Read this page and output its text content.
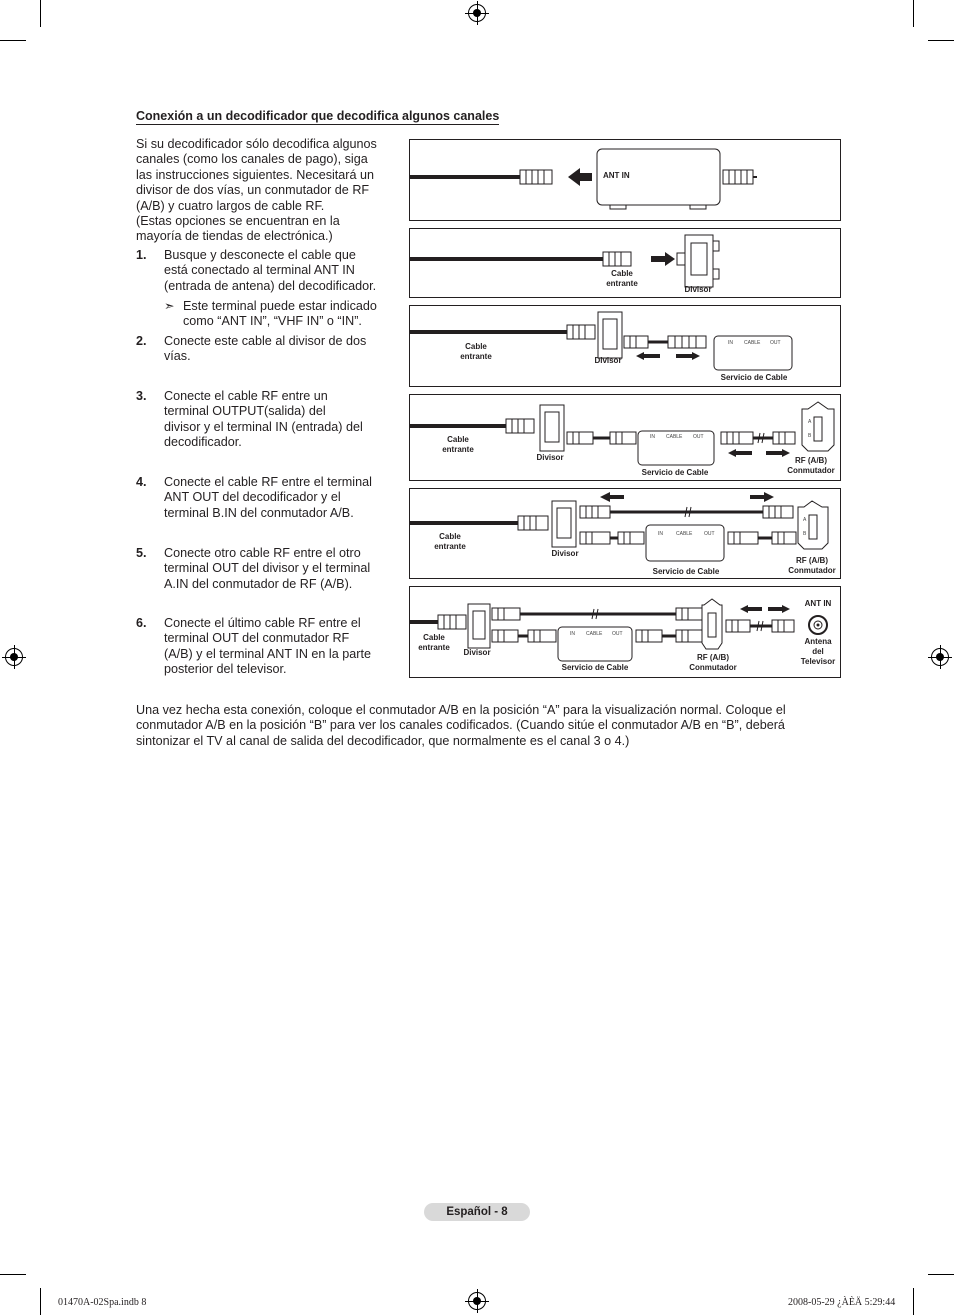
Conexión a un decodificador que decodifica algunos canales
Si su decodificador sólo decodifica algunos
canales (como los canales de pago), siga
las instrucciones siguientes. Necesitará un
divisor de dos vías, un conmutador de RF
(A/B) y cuatro largos de cable RF.
(Estas opciones se encuentran en la
mayoría de tiendas de electrónica.)
1. Busque y desconecte el cable que
está conectado al terminal ANT IN
(entrada de antena) del decodificador.
➣ Este terminal puede estar indicado
como “ANT IN”, “VHF IN” o “IN”.
2. Conecte este cable al divisor de dos
vías.
3. Conecte el cable RF entre un
terminal OUTPUT(salida) del
divisor y el terminal IN (entrada) del
decodificador.
4. Conecte el cable RF entre el terminal
ANT OUT del decodificador y el
terminal B.IN del conmutador A/B.
5. Conecte otro cable RF entre el otro
terminal OUT del divisor y el terminal
A.IN del conmutador de RF (A/B).
6. Conecte el último cable RF entre el
terminal OUT del conmutador RF
(A/B) y el terminal ANT IN en la parte
posterior del televisor.
Una vez hecha esta conexión, coloque el conmutador A/B en la posición “A” para la visualización normal. Coloque el
conmutador A/B en la posición “B” para ver los canales codificados. (Cuando sitúe el conmutador A/B en “B”, deberá
sintonizar el TV al canal de salida del decodificador, que normalmente es el canal 3 o 4.)
ANT IN
Cable
entrante
Divisor
IN CABLE OUT
Cable
entrante	Divisor
Servicio de Cable
IN CABLE OUT
A
B
Cable
entrante
Divisor
Servicio de Cable
RF (A/B)
Conmutador
IN	CABLE OUT
A
B
Cable
entrante
Divisor
Servicio de Cable
RF (A/B)
Conmutador
IN CABLE OUT
ANT IN
Antena
del
Televisor
Cable
entrante
Divisor
Servicio de Cable
RF (A/B)
Conmutador
Español - 8
01470A-02Spa.indb 8	2008-05-29 ¿ÀÈÄ 5:29:44
